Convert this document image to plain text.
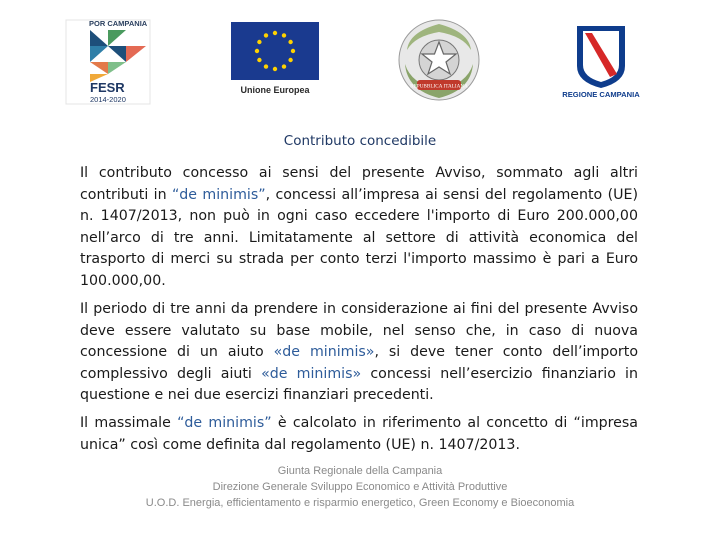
POR CAMPANIA
FESR
2014-2020
Unione Europea	REPUBBLICA ITALIANA
REGIONE CAMPANIA
Contributo concedibile

Il contributo concesso ai sensi del presente Avviso, sommato agli altri contributi in “de minimis”, concessi all’impresa ai sensi del regolamento (UE) n. 1407/2013, non può in ogni caso eccedere l'importo di Euro 200.000,00 nell’arco di tre anni. Limitatamente al settore di attività economica del trasporto di merci su strada per conto terzi l'importo massimo è pari a Euro 100.000,00.

Il periodo di tre anni da prendere in considerazione ai fini del presente Avviso deve essere valutato su base mobile, nel senso che, in caso di nuova concessione di un aiuto «de minimis», si deve tener conto dell’importo complessivo degli aiuti «de minimis» concessi nell’esercizio finanziario in questione e nei due esercizi finanziari precedenti.

Il massimale “de minimis” è calcolato in riferimento al concetto di “impresa unica” così come definita dal regolamento (UE) n. 1407/2013.

Giunta Regionale della Campania
Direzione Generale Sviluppo Economico e Attività Produttive
U.O.D. Energia, efficientamento e risparmio energetico, Green Economy e Bioeconomia
